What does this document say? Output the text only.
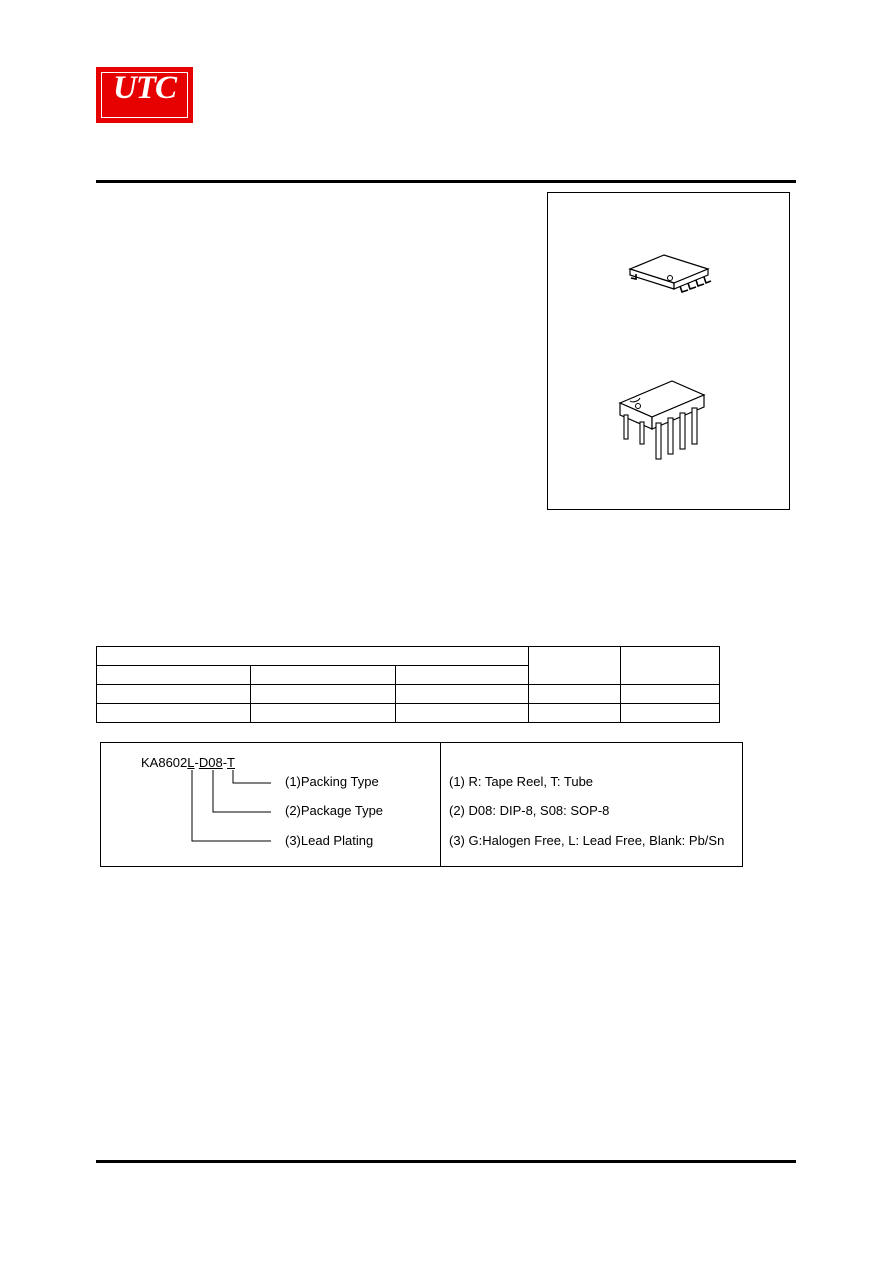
UTC

KA8602L-D08-T
(1)Packing Type
(2)Package Type
(3)Lead Plating
(1) R: Tape Reel, T: Tube
(2) D08: DIP-8, S08: SOP-8
(3) G:Halogen Free, L: Lead Free, Blank: Pb/Sn
